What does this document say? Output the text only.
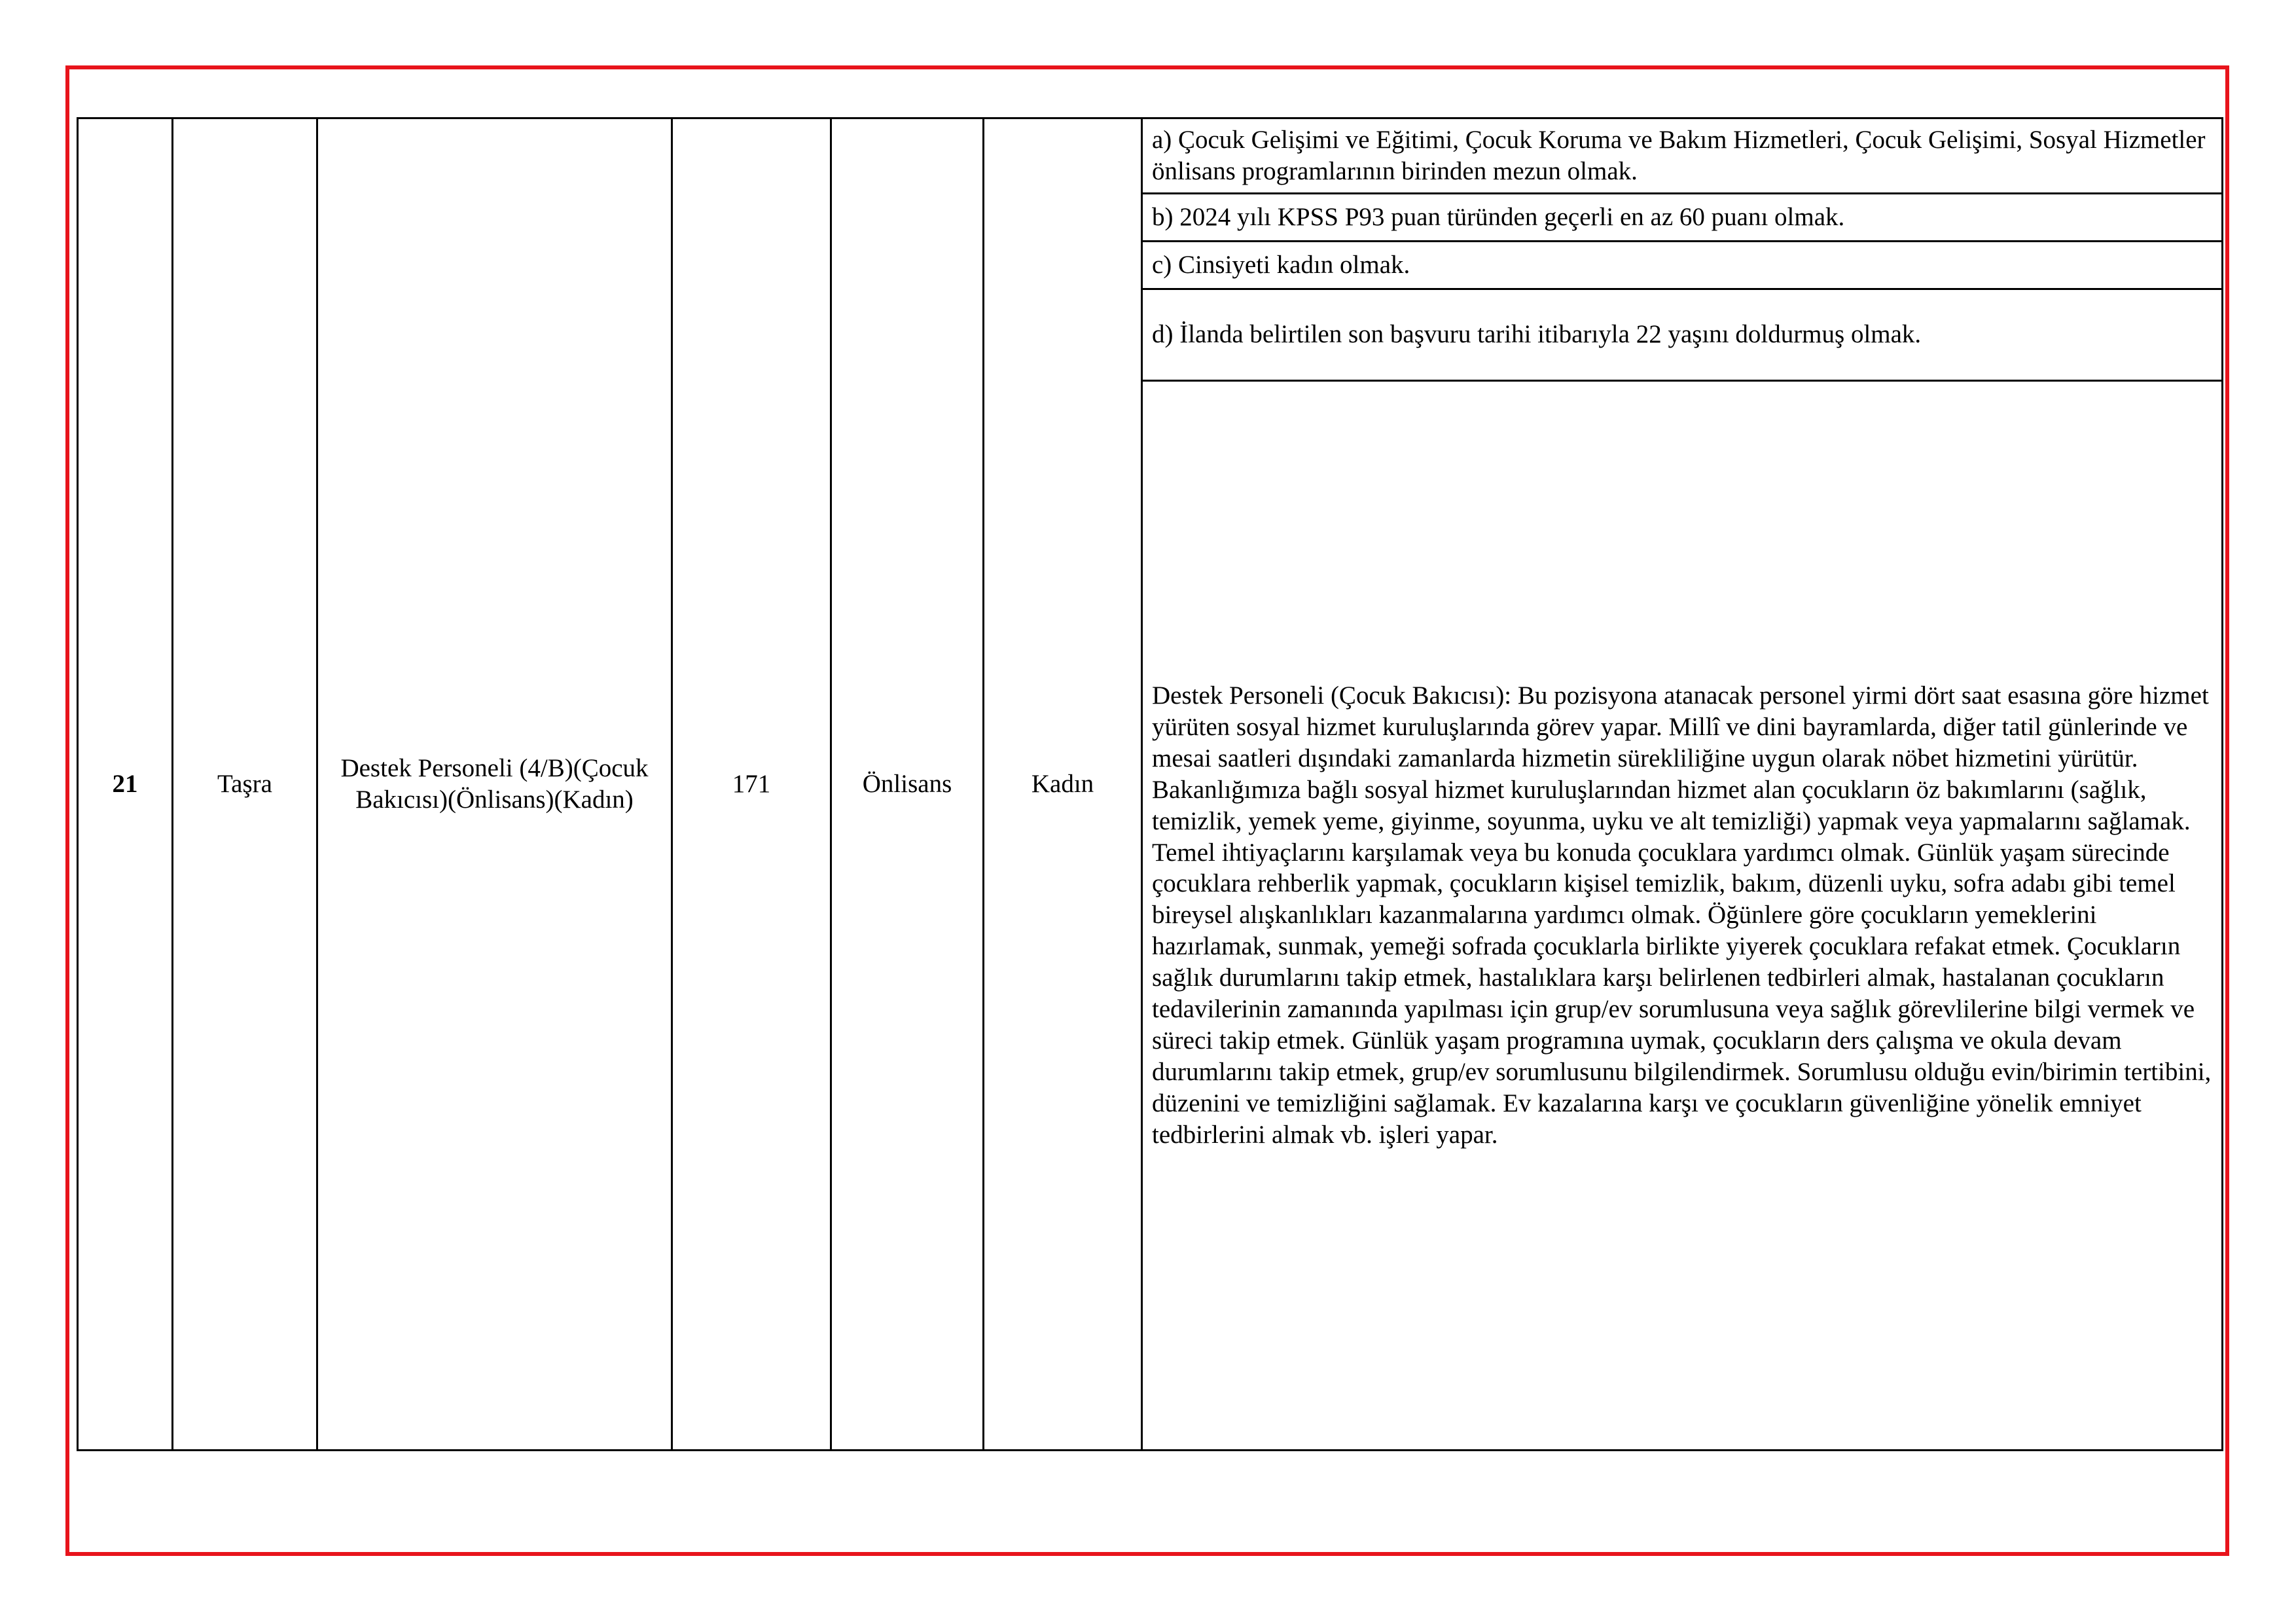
21	Taşra	Destek Personeli (4/B)(Çocuk Bakıcısı)(Önlisans)(Kadın)	171	Önlisans	Kadın	a) Çocuk Gelişimi ve Eğitimi, Çocuk Koruma ve Bakım Hizmetleri, Çocuk Gelişimi, Sosyal Hizmetler önlisans programlarının birinden mezun olmak.
b) 2024 yılı KPSS P93 puan türünden geçerli en az 60 puanı olmak.
c) Cinsiyeti kadın olmak.
d) İlanda belirtilen son başvuru tarihi itibarıyla 22 yaşını doldurmuş olmak.
Destek Personeli (Çocuk Bakıcısı): Bu pozisyona atanacak personel yirmi dört saat esasına göre hizmet yürüten sosyal hizmet kuruluşlarında görev yapar. Millî ve dini bayramlarda, diğer tatil günlerinde ve mesai saatleri dışındaki zamanlarda hizmetin sürekliliğine uygun olarak nöbet hizmetini yürütür. Bakanlığımıza bağlı sosyal hizmet kuruluşlarından hizmet alan çocukların öz bakımlarını (sağlık, temizlik, yemek yeme, giyinme, soyunma, uyku ve alt temizliği) yapmak veya yapmalarını sağlamak. Temel ihtiyaçlarını karşılamak veya bu konuda çocuklara yardımcı olmak. Günlük yaşam sürecinde çocuklara rehberlik yapmak, çocukların kişisel temizlik, bakım, düzenli uyku, sofra adabı gibi temel bireysel alışkanlıkları kazanmalarına yardımcı olmak. Öğünlere göre çocukların yemeklerini hazırlamak, sunmak, yemeği sofrada çocuklarla birlikte yiyerek çocuklara refakat etmek. Çocukların sağlık durumlarını takip etmek, hastalıklara karşı belirlenen tedbirleri almak, hastalanan çocukların tedavilerinin zamanında yapılması için grup/ev sorumlusuna veya sağlık görevlilerine bilgi vermek ve süreci takip etmek. Günlük yaşam programına uymak, çocukların ders çalışma ve okula devam durumlarını takip etmek, grup/ev sorumlusunu bilgilendirmek. Sorumlusu olduğu evin/birimin tertibini, düzenini ve temizliğini sağlamak. Ev kazalarına karşı ve çocukların güvenliğine yönelik emniyet tedbirlerini almak vb. işleri yapar.
